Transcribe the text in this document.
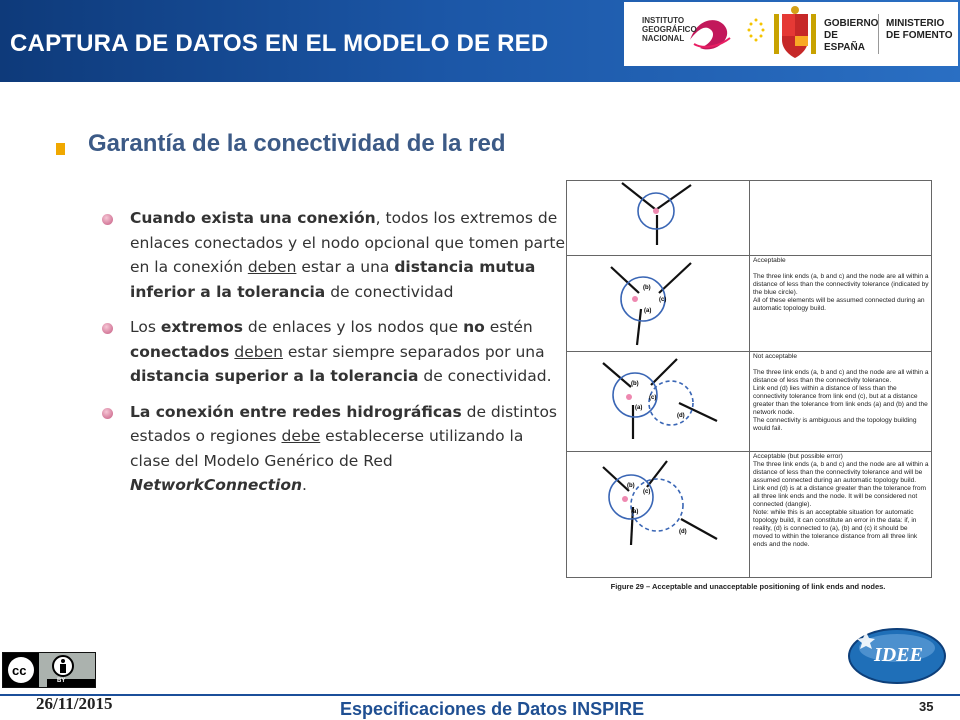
CAPTURA DE DATOS EN EL MODELO DE RED
INSTITUTO GEOGRÁFICO NACIONAL
GOBIERNO DE ESPAÑA
MINISTERIO DE FOMENTO
Garantía de la conectividad de la red
Cuando exista una conexión, todos los extremos de enlaces conectados y el nodo opcional que tomen parte en la conexión deben estar a una distancia mutua inferior a la tolerancia de conectividad
Los extremos de enlaces y los nodos que no estén conectados deben estar siempre separados por una distancia superior a la tolerancia de conectividad.
La conexión entre redes hidrográficas de distintos estados o regiones debe establecerse utilizando la clase del Modelo Genérico de Red NetworkConnection.
(b)
(c)
(a)
(b)
(c)
(a)
(d)
(b)
(c)
(a)
(d)
Acceptable

The three link ends (a, b and c) and the node are all within a distance of less than the connectivity tolerance (indicated by the blue circle).
All of these elements will be assumed connected during an automatic topology build.
Not acceptable

The three link ends (a, b and c) and the node are all within a distance of less than the connectivity tolerance.
Link end (d) lies within a distance of less than the connectivity tolerance from link end (c), but at a distance greater than the tolerance from link ends (a) and (b) and the network node.
The connectivity is ambiguous and the topology building would fail.
Acceptable (but possible error)
The three link ends (a, b and c) and the node are all within a distance of less than the connectivity tolerance and will be assumed connected during an automatic topology build.
Link end (d) is at a distance greater than the tolerance from all three link ends and the node. It will be considered not connected (dangle).
Note: while this is an acceptable situation for automatic topology build, it can constitute an error in the data: if, in reality, (d) is connected to (a), (b) and (c) it should be moved to within the tolerance distance from all three link ends and the node.
Figure 29 – Acceptable and unacceptable positioning of link ends and nodes.
cc
BY
IDEE
26/11/2015	Especificaciones de Datos INSPIRE	35
